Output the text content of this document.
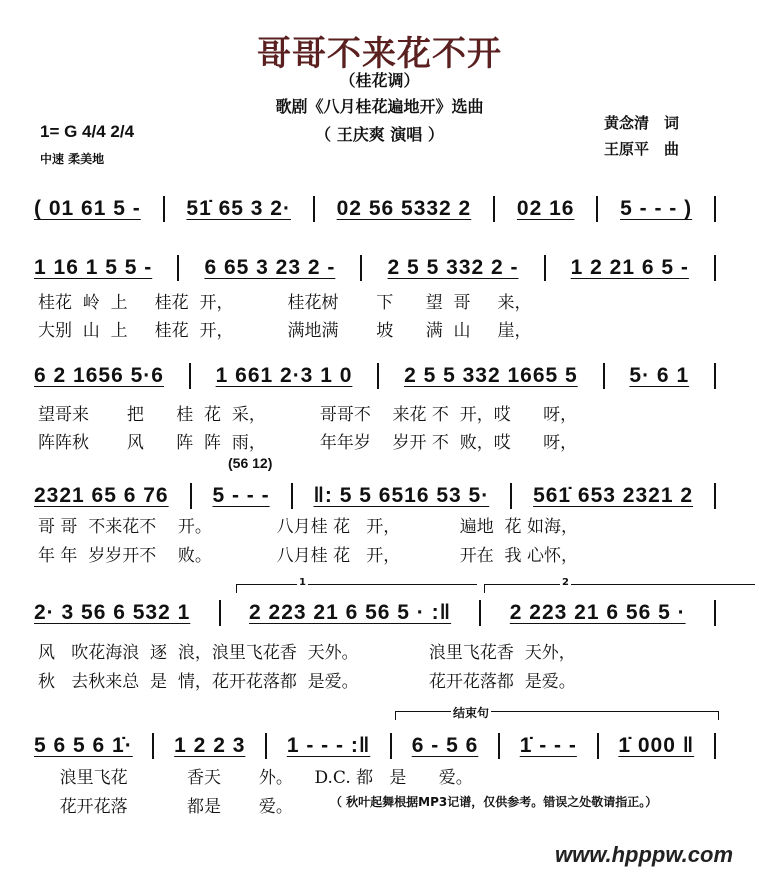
哥哥不来花不开
（桂花调）
歌剧《八月桂花遍地开》选曲
（ 王庆爽 演唱 ）
1= G 4/4 2/4
中速 柔美地
黄念清　词
王原平　曲
( 01 61 5 - 51̇ 65 3 2· 02 56 5332 2 02 16 5 - - - )
1 16 1 5 5 - 6 65 3 23 2 - 2 5 5 332 2 - 1 2 21 6 5 -
桂花  岭  上     桂花  开，          桂花树       下      望  哥     来，
大别  山  上     桂花  开，          满地满       坡      满  山     崖，
6 2 1656 5·6 1 661 2·3 1 0 2 5 5 332 1665 5 5· 6 1
望哥来       把      桂  花  采，          哥哥不    来花 不  开，哎      呀，
阵阵秋       风      阵  阵  雨，          年年岁    岁开 不  败，哎      呀，
2321 65 6 76 5 - - - ‖: 5 5 6516 53 5· 561̇ 653 2321 2
(56 12)
哥 哥  不来花不    开。            八月桂 花   开，           遍地  花 如海，
年 年  岁岁开不    败。            八月桂 花   开，           开在  我 心怀，
2· 3 56 6 532 1	2 223 21 6 56 5 · :‖	2 223 21 6 56 5 ·
1	2
风   吹花海浪  逐  浪，浪里飞花香  天外。             浪里飞花香  天外，
秋   去秋来总  是  情，花开花落都  是爱。             花开花落都  是爱。
5 6 5 6 1̇· 1 2 2 3 1 - - - :‖ 6 - 5 6 1̇ - - - 1̇ 000 ‖
结束句
浪里飞花           香天       外。    D.C. 都   是      爱。
花开花落           都是       爱。	（ 秋叶起舞根据MP3记谱，仅供参考。错误之处敬请指正。）
www.hpppw.com
